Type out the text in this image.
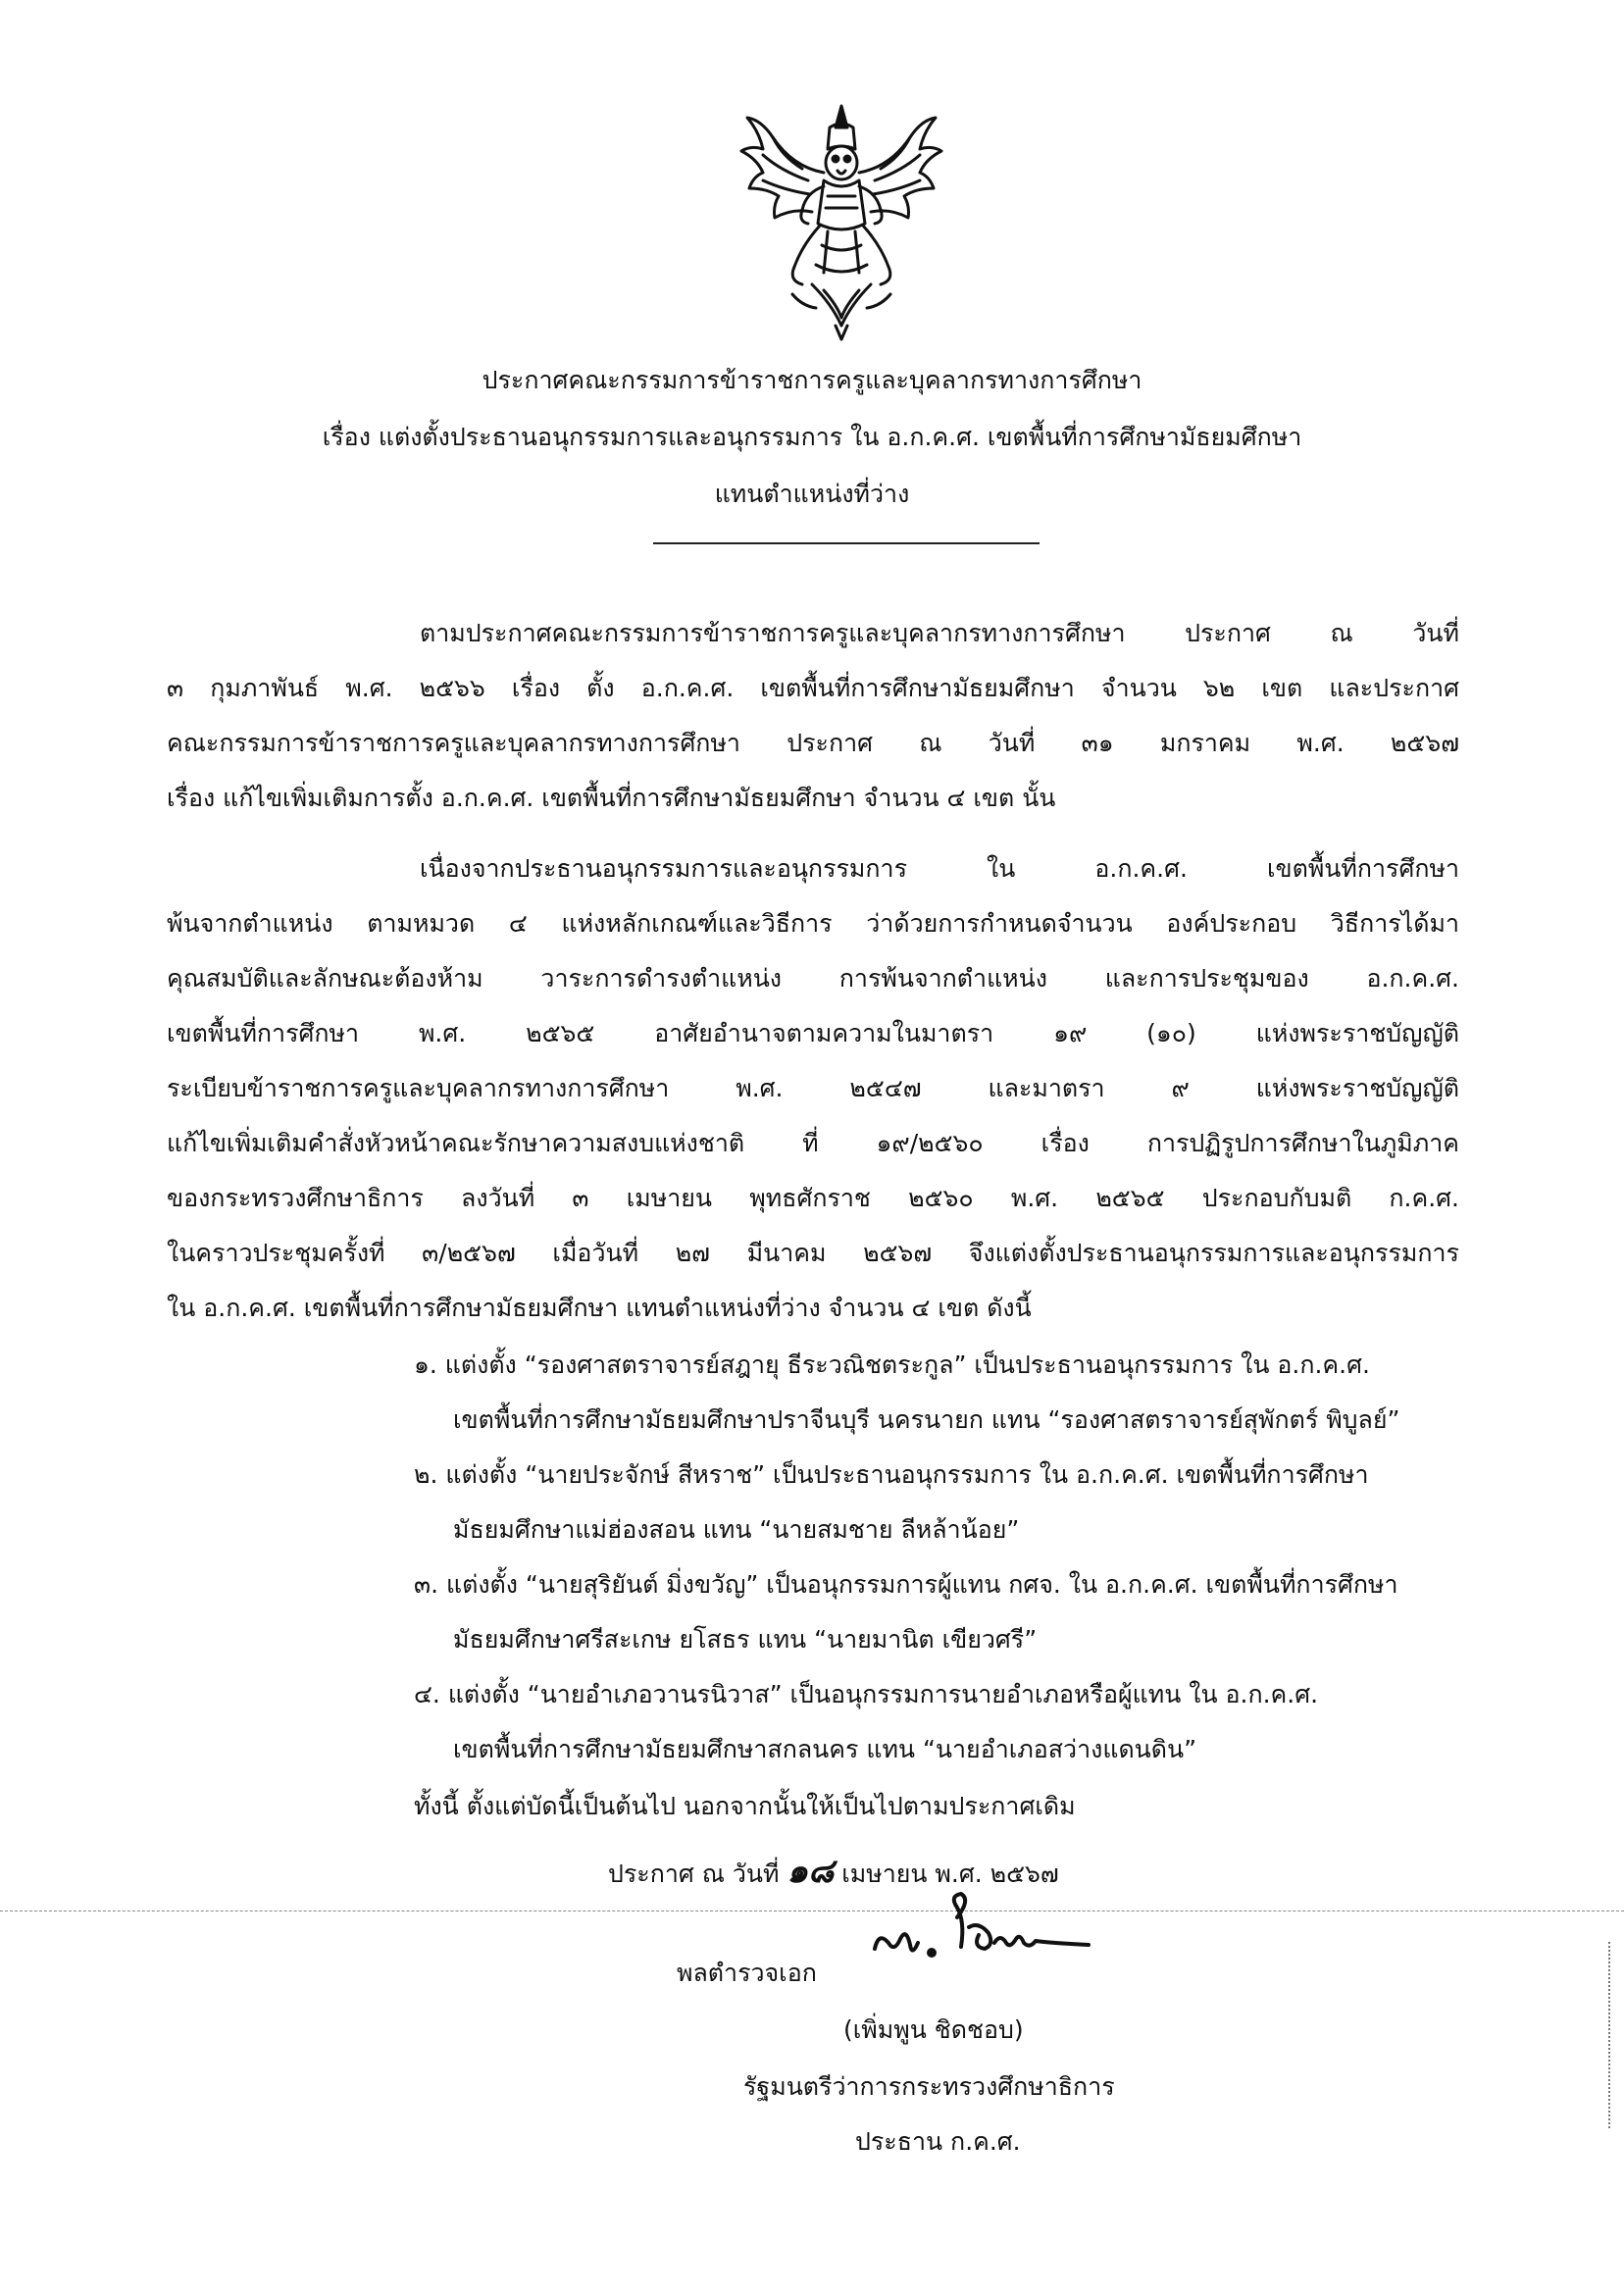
ประกาศคณะกรรมการข้าราชการครูและบุคลากรทางการศึกษา
เรื่อง แต่งตั้งประธานอนุกรรมการและอนุกรรมการ ใน อ.ก.ค.ศ. เขตพื้นที่การศึกษามัธยมศึกษา
แทนตำแหน่งที่ว่าง
ตามประกาศคณะกรรมการข้าราชการครูและบุคลากรทางการศึกษา ประกาศ ณ วันที่
๓ กุมภาพันธ์ พ.ศ. ๒๕๖๖ เรื่อง ตั้ง อ.ก.ค.ศ. เขตพื้นที่การศึกษามัธยมศึกษา จำนวน ๖๒ เขต และประกาศ
คณะกรรมการข้าราชการครูและบุคลากรทางการศึกษา ประกาศ ณ วันที่ ๓๑ มกราคม พ.ศ. ๒๕๖๗
เรื่อง แก้ไขเพิ่มเติมการตั้ง อ.ก.ค.ศ. เขตพื้นที่การศึกษามัธยมศึกษา จำนวน ๔ เขต นั้น
เนื่องจากประธานอนุกรรมการและอนุกรรมการ ใน อ.ก.ค.ศ. เขตพื้นที่การศึกษา
พ้นจากตำแหน่ง ตามหมวด ๔ แห่งหลักเกณฑ์และวิธีการ ว่าด้วยการกำหนดจำนวน องค์ประกอบ วิธีการได้มา
คุณสมบัติและลักษณะต้องห้าม วาระการดำรงตำแหน่ง การพ้นจากตำแหน่ง และการประชุมของ อ.ก.ค.ศ.
เขตพื้นที่การศึกษา พ.ศ. ๒๕๖๕ อาศัยอำนาจตามความในมาตรา ๑๙ (๑๐) แห่งพระราชบัญญัติ
ระเบียบข้าราชการครูและบุคลากรทางการศึกษา พ.ศ. ๒๕๔๗ และมาตรา ๙ แห่งพระราชบัญญัติ
แก้ไขเพิ่มเติมคำสั่งหัวหน้าคณะรักษาความสงบแห่งชาติ ที่ ๑๙/๒๕๖๐ เรื่อง การปฏิรูปการศึกษาในภูมิภาค
ของกระทรวงศึกษาธิการ ลงวันที่ ๓ เมษายน พุทธศักราช ๒๕๖๐ พ.ศ. ๒๕๖๕ ประกอบกับมติ ก.ค.ศ.
ในคราวประชุมครั้งที่ ๓/๒๕๖๗ เมื่อวันที่ ๒๗ มีนาคม ๒๕๖๗ จึงแต่งตั้งประธานอนุกรรมการและอนุกรรมการ
ใน อ.ก.ค.ศ. เขตพื้นที่การศึกษามัธยมศึกษา แทนตำแหน่งที่ว่าง จำนวน ๔ เขต ดังนี้
๑. แต่งตั้ง “รองศาสตราจารย์สฎายุ ธีระวณิชตระกูล” เป็นประธานอนุกรรมการ ใน อ.ก.ค.ศ.
เขตพื้นที่การศึกษามัธยมศึกษาปราจีนบุรี นครนายก แทน “รองศาสตราจารย์สุพักตร์ พิบูลย์”
๒. แต่งตั้ง “นายประจักษ์ สีหราช” เป็นประธานอนุกรรมการ ใน อ.ก.ค.ศ. เขตพื้นที่การศึกษา
มัธยมศึกษาแม่ฮ่องสอน แทน “นายสมชาย ลีหล้าน้อย”
๓. แต่งตั้ง “นายสุริยันต์ มิ่งขวัญ” เป็นอนุกรรมการผู้แทน กศจ. ใน อ.ก.ค.ศ. เขตพื้นที่การศึกษา
มัธยมศึกษาศรีสะเกษ ยโสธร แทน “นายมานิต เขียวศรี”
๔. แต่งตั้ง “นายอำเภอวานรนิวาส” เป็นอนุกรรมการนายอำเภอหรือผู้แทน ใน อ.ก.ค.ศ.
เขตพื้นที่การศึกษามัธยมศึกษาสกลนคร แทน “นายอำเภอสว่างแดนดิน”
ทั้งนี้ ตั้งแต่บัดนี้เป็นต้นไป นอกจากนั้นให้เป็นไปตามประกาศเดิม
ประกาศ ณ วันที่ ๑๘ เมษายน พ.ศ. ๒๕๖๗
พลตำรวจเอก
(เพิ่มพูน ชิดชอบ)
รัฐมนตรีว่าการกระทรวงศึกษาธิการ
ประธาน ก.ค.ศ.
